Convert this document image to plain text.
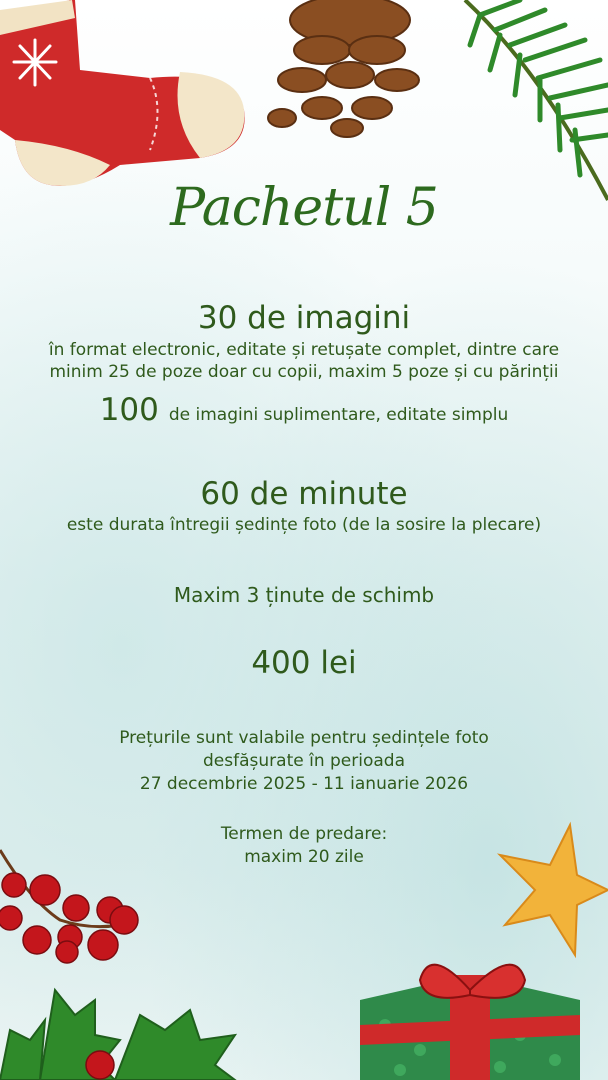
Pachetul 5
30 de imagini
în format electronic, editate și retușate complet, dintre care
minim 25 de poze doar cu copii, maxim 5 poze și cu părinții
100 de imagini suplimentare, editate simplu
60 de minute
este durata întregii ședințe foto (de la sosire la plecare)
Maxim 3 ținute de schimb
400 lei
Prețurile sunt valabile pentru ședințele foto
desfășurate în perioada
27 decembrie 2025 - 11 ianuarie 2026
Termen de predare:
maxim 20 zile
